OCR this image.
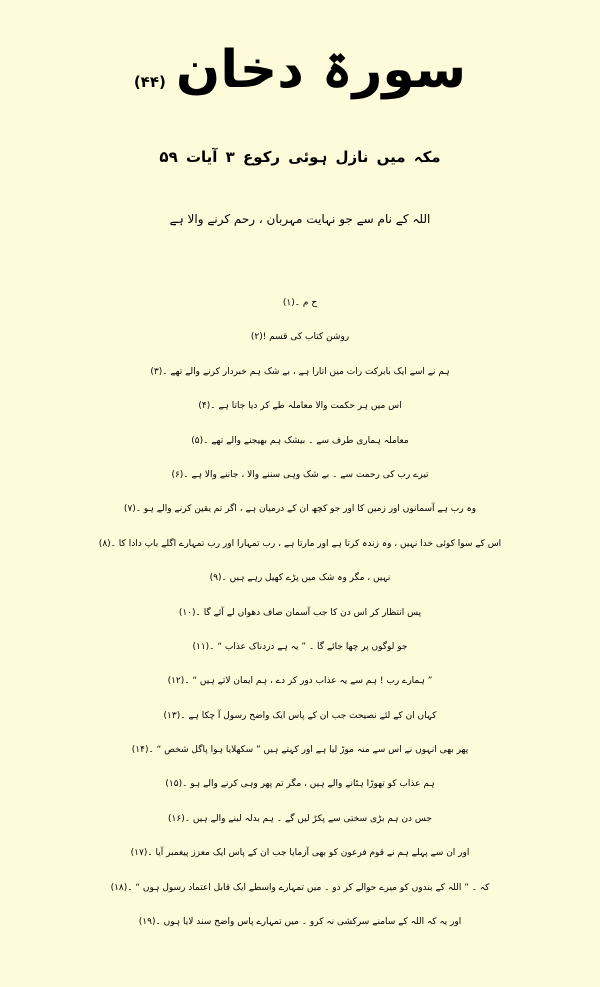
سورۃ دخان
(۴۴)
مکہ میں نازل ہوئی رکوع ۳ آیات ۵۹
اللہ کے نام سے جو نہایت مہربان ، رحم کرنے والا ہے
ح م ۔(۱)
روشن کتاب کی قسم !(۲)
ہم نے اسے ایک بابرکت رات میں اتارا ہے ، بے شک ہم خبردار کرنے والے تھے ۔(۳)
اس میں ہر حکمت والا معاملہ طے کر دیا جاتا ہے ۔(۴)
معاملہ ہماری طرف سے ۔ بیشک ہم بھیجنے والے تھے ۔(۵)
تیرے رب کی رحمت سے ۔ بے شک وہی سننے والا ، جاننے والا ہے ۔(۶)
وہ رب ہے آسمانوں اور زمین کا اور جو کچھ ان کے درمیان ہے ، اگر تم یقین کرنے والے ہو ۔(۷)
اس کے سوا کوئی خدا نہیں ، وہ زندہ کرتا ہے اور مارتا ہے ، رب تمہارا اور رب تمہارے اگلے باپ دادا کا ۔(۸)
نہیں ، مگر وہ شک میں پڑے کھیل رہے ہیں ۔(۹)
پس انتظار کر اس دن کا جب آسمان صاف دھواں لے آئے گا ۔(۱۰)
جو لوگوں پر چھا جائے گا ۔ ” یہ ہے دردناک عذاب “ ۔(۱۱)
” ہمارے رب ! ہم سے یہ عذاب دور کر دے ، ہم ایمان لاتے ہیں “ ۔(۱۲)
کہاں ان کے لئے نصیحت جب ان کے پاس ایک واضح رسول آ چکا ہے ۔(۱۳)
پھر بھی انہوں نے اس سے منہ موڑ لیا ہے اور کہتے ہیں ” سکھلایا ہوا پاگل شخص “ ۔(۱۴)
ہم عذاب کو تھوڑا ہٹانے والے ہیں ، مگر تم پھر وہی کرنے والے ہو ۔(۱۵)
جس دن ہم بڑی سختی سے پکڑ لیں گے ۔ ہم بدلہ لینے والے ہیں ۔(۱۶)
اور ان سے پہلے ہم نے قوم فرعون کو بھی آزمایا جب ان کے پاس ایک معزز پیغمبر آیا ۔(۱۷)
کہ ۔ ” اللہ کے بندوں کو میرے حوالے کر دو ۔ میں تمہارے واسطے ایک قابل اعتماد رسول ہوں “ ۔(۱۸)
اور یہ کہ اللہ کے سامنے سرکشی نہ کرو ۔ میں تمہارے پاس واضح سند لایا ہوں ۔(۱۹)
